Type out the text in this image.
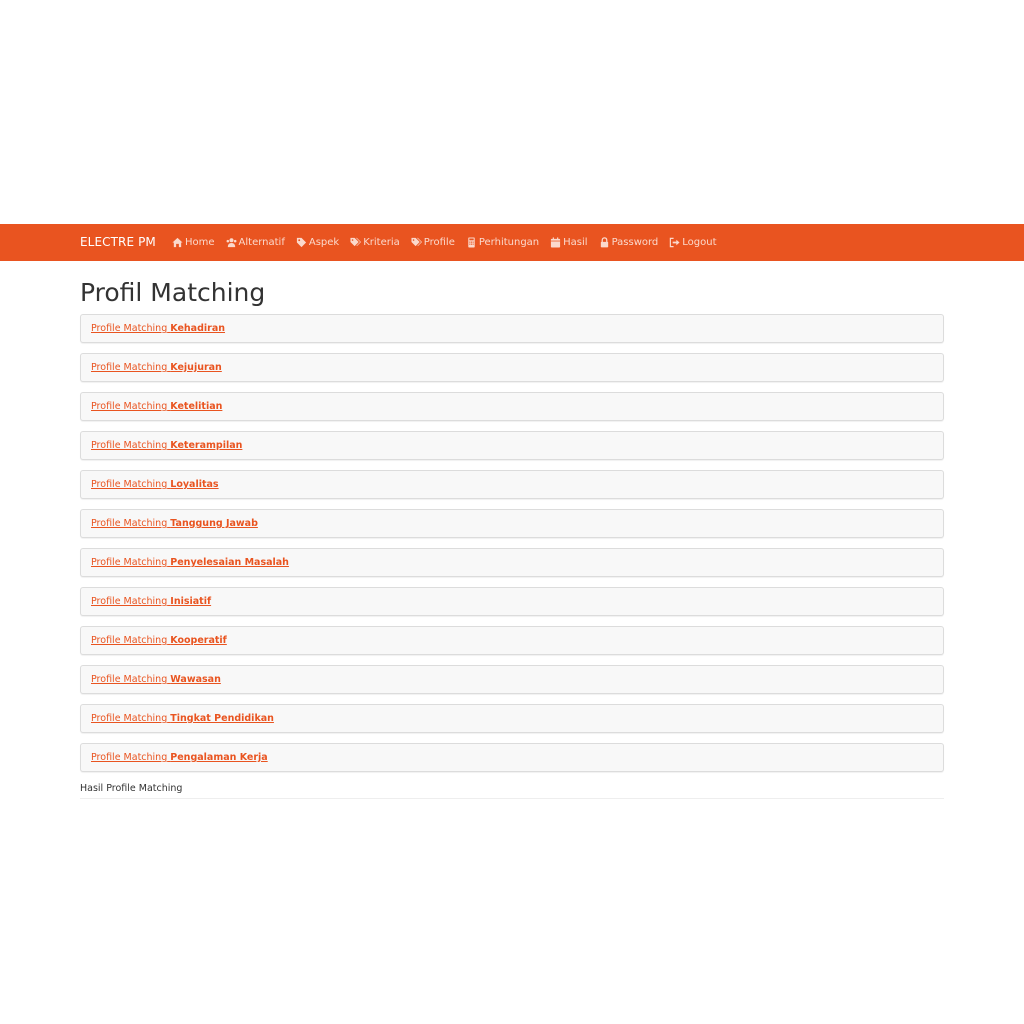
ELECTRE PM	Home Alternatif Aspek Kriteria Profile Perhitungan Hasil Password Logout
Profil Matching
Profile Matching Kehadiran
Profile Matching Kejujuran
Profile Matching Ketelitian
Profile Matching Keterampilan
Profile Matching Loyalitas
Profile Matching Tanggung Jawab
Profile Matching Penyelesaian Masalah
Profile Matching Inisiatif
Profile Matching Kooperatif
Profile Matching Wawasan
Profile Matching Tingkat Pendidikan
Profile Matching Pengalaman Kerja
Hasil Profile Matching
